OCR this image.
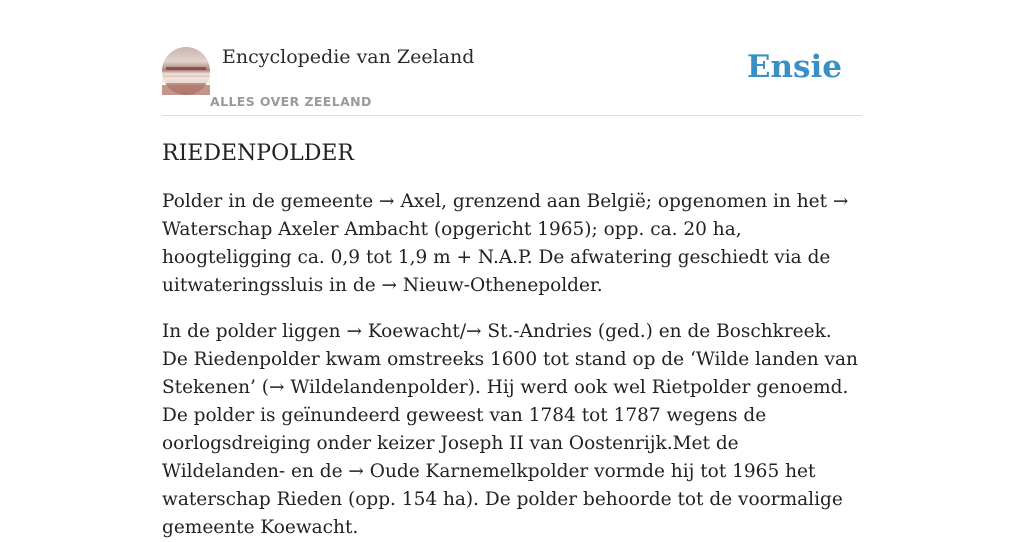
Encyclopedie van Zeeland
ALLES OVER ZEELAND
Ensie
RIEDENPOLDER

Polder in de gemeente → Axel, grenzend aan België; opgenomen in het → Waterschap Axeler Ambacht (opgericht 1965); opp. ca. 20 ha, hoogteligging ca. 0,9 tot 1,9 m + N.A.P. De afwatering geschiedt via de uitwateringssluis in de → Nieuw-Othenepolder.

In de polder liggen → Koewacht/→ St.-Andries (ged.) en de Boschkreek. De Riedenpolder kwam omstreeks 1600 tot stand op de ‘Wilde landen van Stekenen’ (→ Wildelandenpolder). Hij werd ook wel Rietpolder genoemd. De polder is geïnundeerd geweest van 1784 tot 1787 wegens de oorlogsdreiging onder keizer Joseph II van Oostenrijk.Met de Wildelanden- en de → Oude Karnemelkpolder vormde hij tot 1965 het waterschap Rieden (opp. 154 ha). De polder behoorde tot de voormalige gemeente Koewacht.
